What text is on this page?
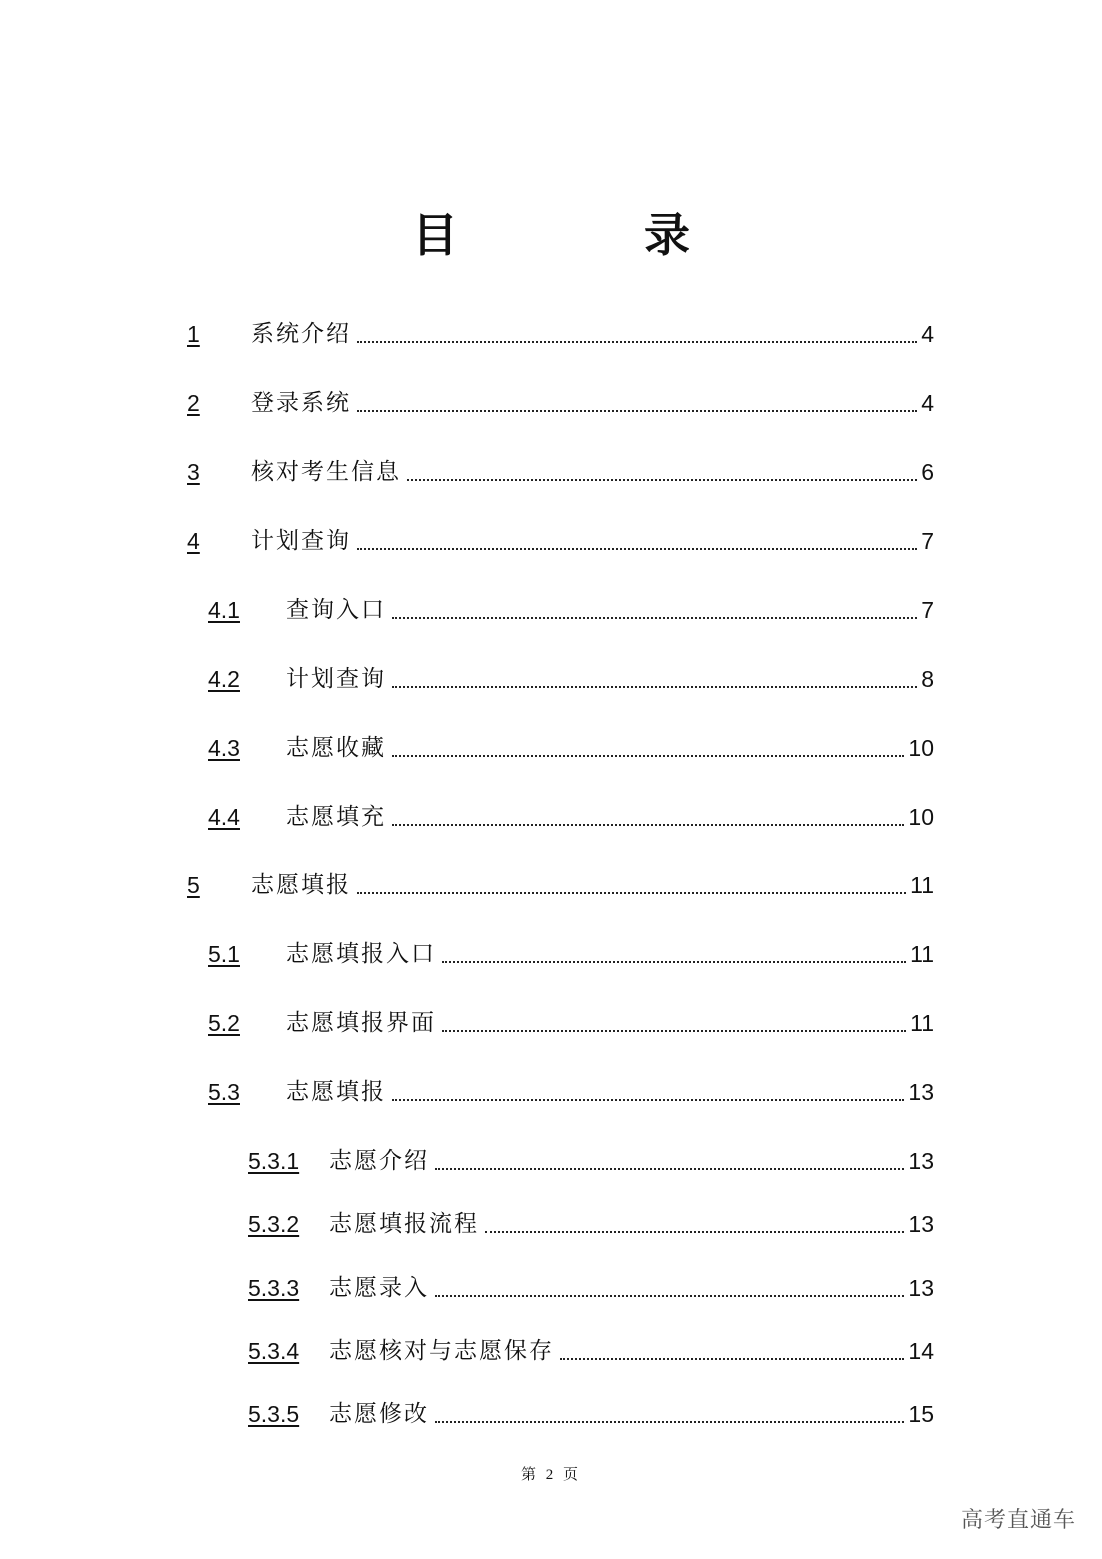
目　录
1	系统介绍	4
2	登录系统	4
3	核对考生信息	6
4	计划查询	7
4.1	查询入口	7
4.2	计划查询	8
4.3	志愿收藏	10
4.4	志愿填充	10
5	志愿填报	11
5.1	志愿填报入口	11
5.2	志愿填报界面	11
5.3	志愿填报	13
5.3.1	志愿介绍	13
5.3.2	志愿填报流程	13
5.3.3	志愿录入	13
5.3.4	志愿核对与志愿保存	14
5.3.5	志愿修改	15
第 2 页
高考直通车
